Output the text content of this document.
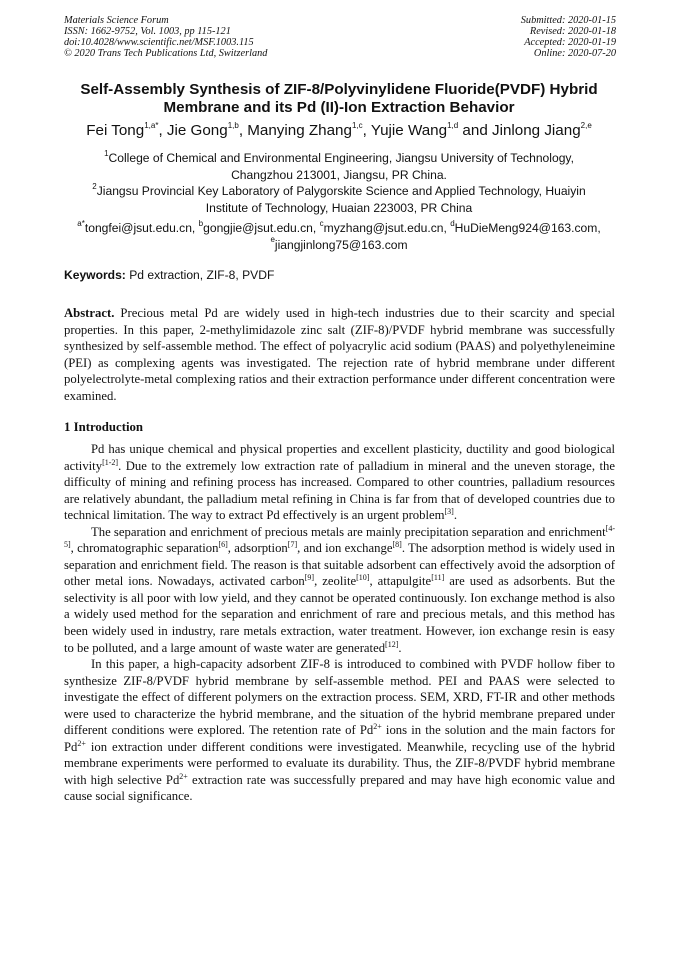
Materials Science Forum
ISSN: 1662-9752, Vol. 1003, pp 115-121
doi:10.4028/www.scientific.net/MSF.1003.115
© 2020 Trans Tech Publications Ltd, Switzerland
Submitted: 2020-01-15
Revised: 2020-01-18
Accepted: 2020-01-19
Online: 2020-07-20
Self-Assembly Synthesis of ZIF-8/Polyvinylidene Fluoride(PVDF) Hybrid
Membrane and its Pd (II)-Ion Extraction Behavior
Fei Tong$^{1,a*}$, Jie Gong$^{1,b}$, Manying Zhang$^{1,c}$, Yujie Wang$^{1,d}$ and Jinlong Jiang$^{2,e}$
$^1$College of Chemical and Environmental Engineering, Jiangsu University of Technology,
Changzhou 213001, Jiangsu, PR China.
$^2$Jiangsu Provincial Key Laboratory of Palygorskite Science and Applied Technology, Huaiyin
Institute of Technology, Huaian 223003, PR China
$^{a*}$tongfei@jsut.edu.cn, $^b$gongjie@jsut.edu.cn, $^c$myzhang@jsut.edu.cn, $^d$HuDieMeng924@163.com,
$^e$jiangjinlong75@163.com
Keywords: Pd extraction, ZIF-8, PVDF
Abstract. Precious metal Pd are widely used in high-tech industries due to their scarcity and special properties. In this paper, 2-methylimidazole zinc salt (ZIF-8)/PVDF hybrid membrane was successfully synthesized by self-assemble method. The effect of polyacrylic acid sodium (PAAS) and polyethyleneimine (PEI) as complexing agents was investigated. The rejection rate of hybrid membrane under different polyelectrolyte-metal complexing ratios and their extraction performance under different concentration were examined.
1 Introduction

Pd has unique chemical and physical properties and excellent plasticity, ductility and good biological activity[1-2]. Due to the extremely low extraction rate of palladium in mineral and the uneven storage, the difficulty of mining and refining process has increased. Compared to other countries, palladium resources are relatively abundant, the palladium metal refining in China is far from that of developed countries due to technical limitation. The way to extract Pd effectively is an urgent problem[3].

The separation and enrichment of precious metals are mainly precipitation separation and enrichment[4-5], chromatographic separation[6], adsorption[7], and ion exchange[8]. The adsorption method is widely used in separation and enrichment field. The reason is that suitable adsorbent can effectively avoid the adsorption of other metal ions. Nowadays, activated carbon[9], zeolite[10], attapulgite[11] are used as adsorbents. But the selectivity is all poor with low yield, and they cannot be operated continuously. Ion exchange method is also a widely used method for the separation and enrichment of rare and precious metals, and this method has been widely used in industry, rare metals extraction, water treatment. However, ion exchange resin is easy to be polluted, and a large amount of waste water are generated[12].

In this paper, a high-capacity adsorbent ZIF-8 is introduced to combined with PVDF hollow fiber to synthesize ZIF-8/PVDF hybrid membrane by self-assemble method. PEI and PAAS were selected to investigate the effect of different polymers on the extraction process. SEM, XRD, FT-IR and other methods were used to characterize the hybrid membrane, and the situation of the hybrid membrane prepared under different conditions were explored. The retention rate of $Pd^{2+}$ ions in the solution and the main factors for $Pd^{2+}$ ion extraction under different conditions were investigated. Meanwhile, recycling use of the hybrid membrane experiments were performed to evaluate its durability. Thus, the ZIF-8/PVDF hybrid membrane with high selective $Pd^{2+}$ extraction rate was successfully prepared and may have high economic value and cause social significance.
